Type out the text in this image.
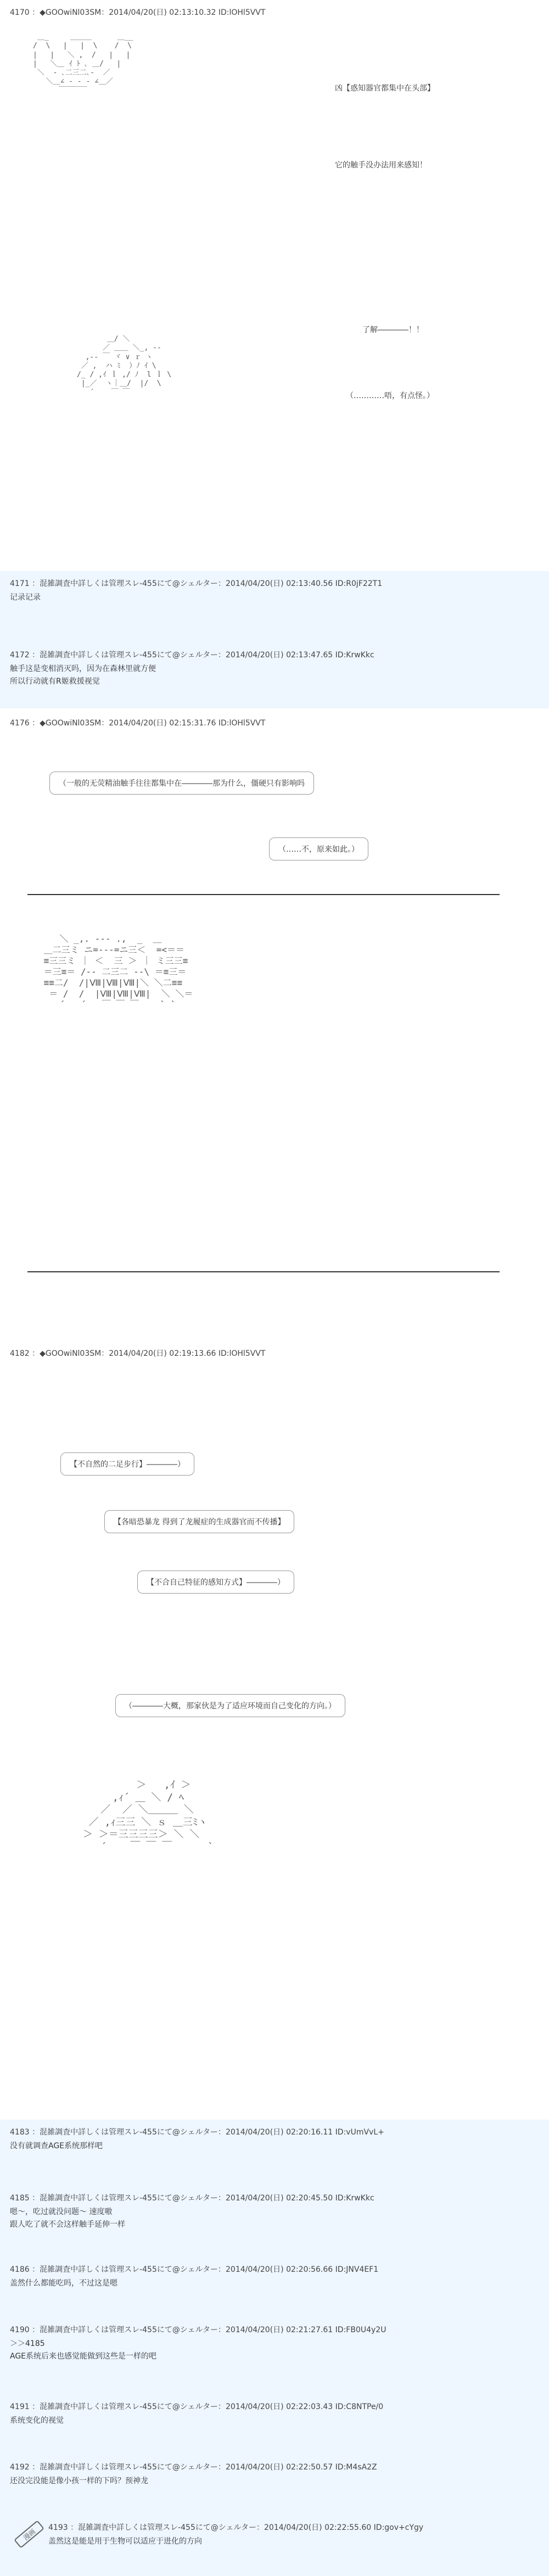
4170 ：◆GOOwiNl03SM：2014/04/20(日) 02:13:10.32 ID:lOHl5VVT
＿_     ＿＿＿      ＿__
/  \   |   |  \    /  \
|   |   ＼ ,  /   |   |
|   ＼＿ ｲ ﾄ ､ ＿/   |
＼  ‐ ､二三二､‐  ／
＼＿∠ - ‐ - ∠＿／
￣￣￣￣	凶【惑知器官都集中在头部】
它的触手没办法用来感知！
＿/ ＼
／ ＿＿ ＼_, -‐
,-‐ ￣ ヾ ∨ ｒ ヽ
／ ,  ハ ﾐ  ）ﾉ ｲ \
/_ / ,ｲ ｌ ,/ ﾉ  l ｌ \
|_／  ヽ｜＿/  |/  \
´    ￣ ￣
了解――――！！
（…………唔，有点怪。）
4171 ：混雑調査中詳しくは管理スレ-455にて@シェルター：2014/04/20(日) 02:13:40.56 ID:R0jF22T1
记录记录
4172 ：混雑調査中詳しくは管理スレ-455にて@シェルター：2014/04/20(日) 02:13:47.65 ID:KrwKkc
触手这是变相消灭吗，因为在森林里就方便
所以行动就有R姬救援视觉
4176 ：◆GOOwiNl03SM：2014/04/20(日) 02:15:31.76 ID:lOHl5VVT
（一般的无荧精油触手往往都集中在――――那为什么，僵硬只有影响吗
（……不，原来如此。）
＼ _,. -‐- .,  _  ＿
＿二三ミ ニ=‐-‐=ニ三＜  =<＝＝
≡三三ミ ｜ ＜  三 ＞ ｜ ミ三三≡
＝三≡＝ /‐‐ 二三二 ‐‐\ ＝≡三＝
≡≡二/  /|Ⅷ|Ⅷ|Ⅷ|＼ ＼二≡≡
＝ /  /  |Ⅷ|Ⅷ|Ⅷ|  ＼ ＼＝
´   ´   ￣ ￣ ￣    ` `
4182 ：◆GOOwiNl03SM：2014/04/20(日) 02:19:13.66 ID:lOHl5VVT
【不自然的二足步行】――――）
【各暗恐暴龙 得到了龙履症的生成器官而不传播】
【不合自己特征的感知方式】――――）
（――――大概，那家伙是为了适应环境而自己变化的方向。）
＞   ,ｲ ＞
,ｨ´ ＿ ＼ / ﾍ
／  ／ ＼＿＿＿ ＼
／ ,ｨ三三 ＼ ｓ ＿三ﾐヽ
＞ ＞＝三三三三＞ ＼ ＼
´    ￣ ￣ ￣      `
4183 ：混雑調査中詳しくは管理スレ-455にて@シェルター：2014/04/20(日) 02:20:16.11 ID:vUmVvL+
没有就调查AGE系统那样吧
4185 ：混雑調査中詳しくは管理スレ-455にて@シェルター：2014/04/20(日) 02:20:45.50 ID:KrwKkc
嗯～，吃过就没问题～ 速度嗷
跟人吃了就不会这样触手延伸一样
4186 ：混雑調査中詳しくは管理スレ-455にて@シェルター：2014/04/20(日) 02:20:56.66 ID:JNV4EF1
盖然什么都能吃吗，不过这是嗯
4190 ：混雑調査中詳しくは管理スレ-455にて@シェルター：2014/04/20(日) 02:21:27.61 ID:FB0U4y2U
＞＞4185
AGE系统后来也感觉能做到这些是一样的吧
4191 ：混雑調査中詳しくは管理スレ-455にて@シェルター：2014/04/20(日) 02:22:03.43 ID:C8NTPe/0
系统变化的视觉
4192 ：混雑調査中詳しくは管理スレ-455にて@シェルター：2014/04/20(日) 02:22:50.57 ID:M4sA2Z
还没完没能是像小孩一样的下吗？预神龙
4193 ：混雑調査中詳しくは管理スレ-455にて@シェルター：2014/04/20(日) 02:22:55.60 ID:gov+cYgy
盖然这是能是用于生物可以适应于进化的方向
漫画
